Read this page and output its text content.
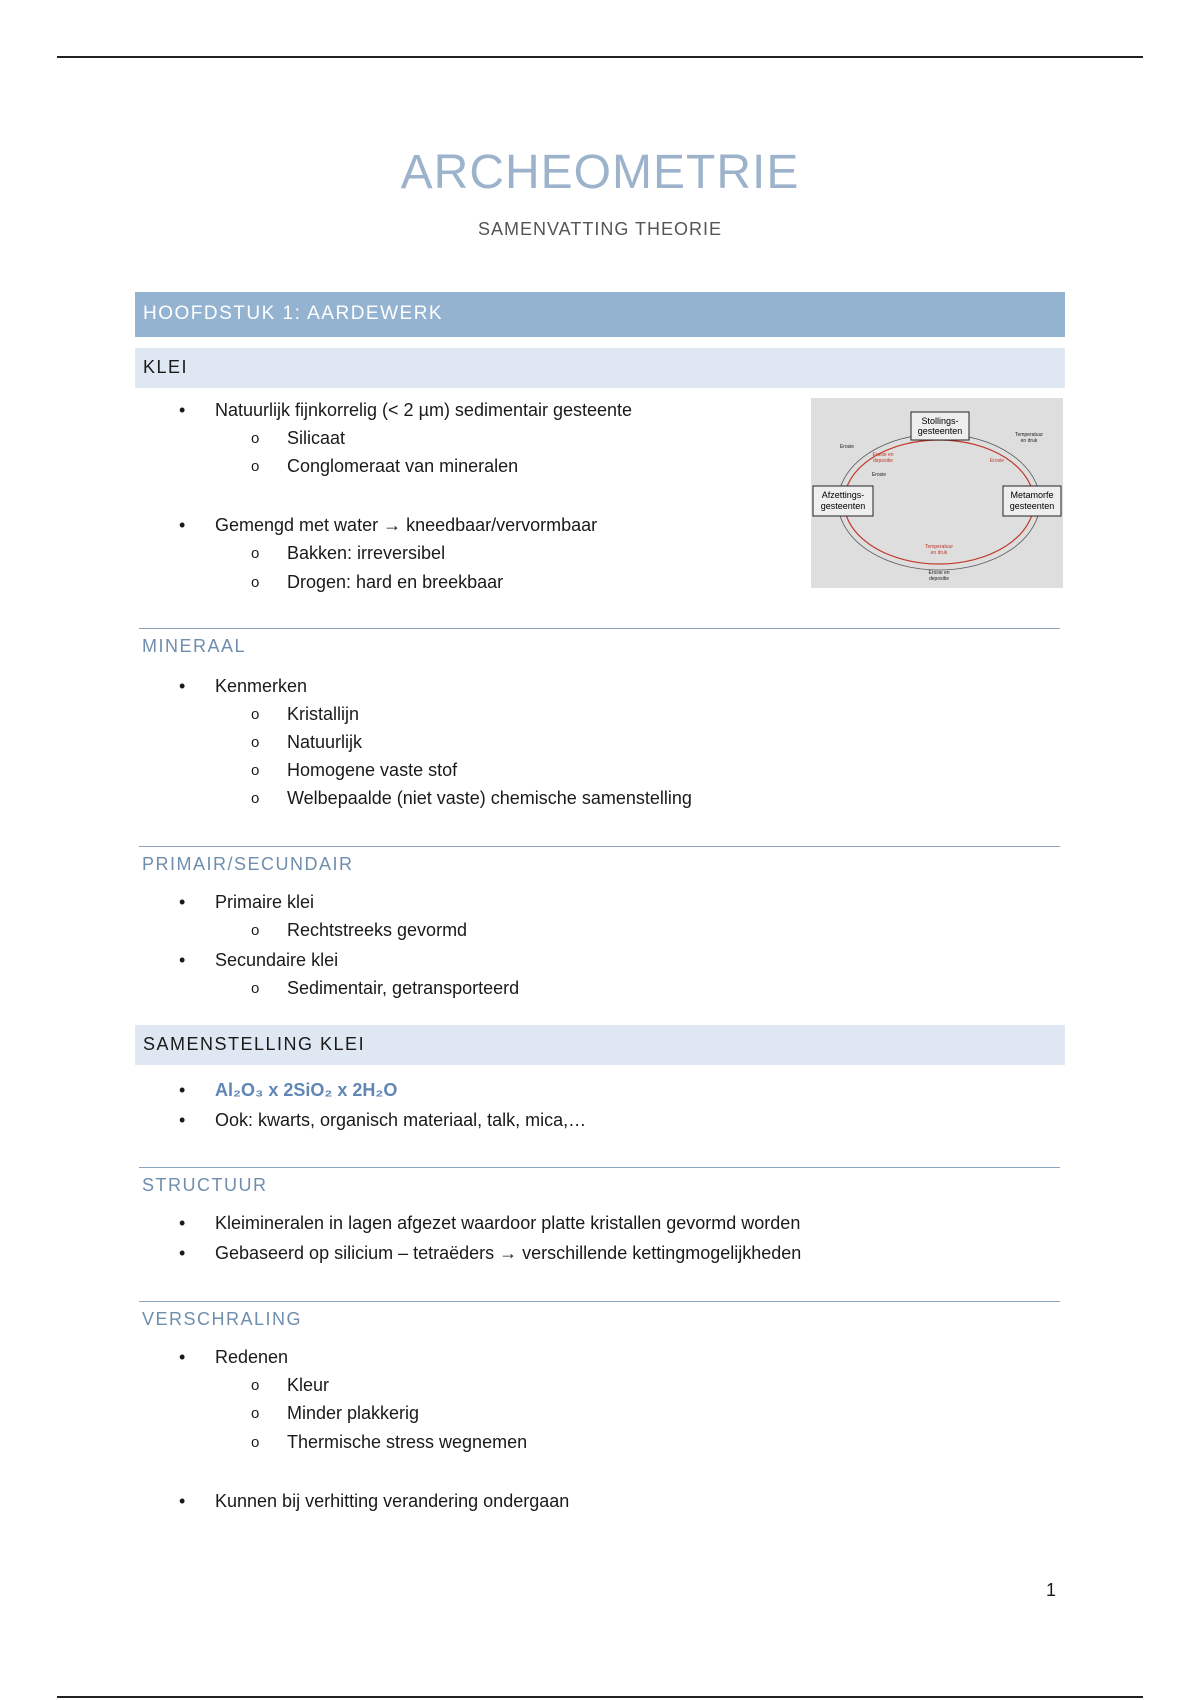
ARCHEOMETRIE
SAMENVATTING THEORIE
HOOFDSTUK 1: AARDEWERK
KLEI
• Natuurlijk fijnkorrelig (< 2 µm) sedimentair gesteente
o Silicaat
o Conglomeraat van mineralen
• Gemengd met water → kneedbaar/vervormbaar
o Bakken: irreversibel
o Drogen: hard en breekbaar
Stollings-
gesteenten
Afzettings-
gesteenten
Metamorfe
gesteenten
Erosie
Erosie
Erosie
Erosie en
depositie
Erosie en
depositie
Temperatuur
en druk
Temperatuur
en druk
MINERAAL
• Kenmerken
o Kristallijn
o Natuurlijk
o Homogene vaste stof
o Welbepaalde (niet vaste) chemische samenstelling
PRIMAIR/SECUNDAIR
• Primaire klei
o Rechtstreeks gevormd
• Secundaire klei
o Sedimentair, getransporteerd
SAMENSTELLING KLEI
• Al₂O₃ x 2SiO₂ x 2H₂O
• Ook: kwarts, organisch materiaal, talk, mica,…
STRUCTUUR
• Kleimineralen in lagen afgezet waardoor platte kristallen gevormd worden
• Gebaseerd op silicium – tetraëders → verschillende kettingmogelijkheden
VERSCHRALING
• Redenen
o Kleur
o Minder plakkerig
o Thermische stress wegnemen
• Kunnen bij verhitting verandering ondergaan
1
